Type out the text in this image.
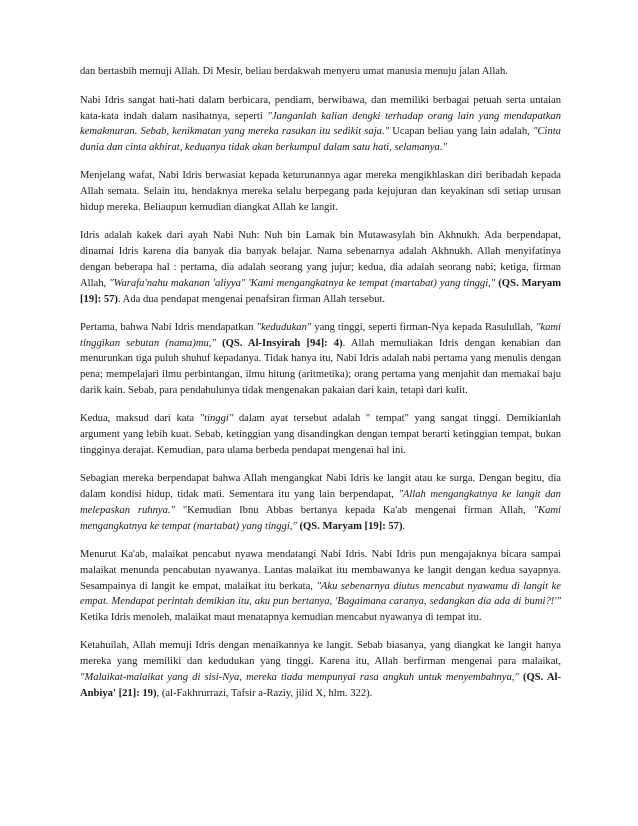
dan bertasbih memuji Allah. Di Mesir, beliau berdakwah menyeru umat manusia menuju jalan Allah.

Nabi Idris sangat hati-hati dalam berbicara, pendiam, berwibawa, dan memiliki berbagai petuah serta untaian kata-kata indah dalam nasihatnya, seperti "Janganlah kalian dengki terhadap orang lain yang mendapatkan kemakmuran. Sebab, kenikmatan yang mereka rasakan itu sedikit saja." Ucapan beliau yang lain adalah, "Cinta dunia dan cinta akhirat, keduanya tidak akan berkumpul dalam satu hati, selamanya."

Menjelang wafat, Nabi Idris berwasiat kepada keturunannya agar mereka mengikhlaskan diri beribadah kepada Allah semata. Selain itu, hendaknya mereka selalu berpegang pada kejujuran dan keyakinan sdi setiap urusan hidup mereka. Beliaupun kemudian diangkat Allah ke langit.

Idris adalah kakek dari ayah Nabi Nuh: Nuh bin Lamak bin Mutawasylah bin Akhnukh. Ada berpendapat, dinamai Idris karena dia banyak dia banyak belajar. Nama sebenarnya adalah Akhnukh. Allah menyifatinya dengan beberapa hal : pertama, dia adalah seorang yang jujur; kedua, dia adalah seorang nabi; ketiga, firman Allah, "Warafa'nahu makanan 'aliyya" 'Kami mengangkatnya ke tempat (martabat) yang tinggi," (QS. Maryam [19]: 57). Ada dua pendapat mengenai penafsiran firman Allah tersebut.

Pertama, bahwa Nabi Idris mendapatkan "kedudukan" yang tinggi, seperti firman-Nya kepada Rasulullah, "kami tinggikan sebutan (nama)mu," (QS. Al-Insyirah [94]: 4). Allah memuliakan Idris dengan kenabian dan menurunkan tiga puluh shuhuf kepadanya. Tidak hanya itu, Nabi Idris adalah nabi pertama yang menulis dengan pena; mempelajari ilmu perbintangan, ilmu hitung (aritmetika); orang pertama yang menjahit dan memakai baju darik kain. Sebab, para pendahulunya tidak mengenakan pakaian dari kain, tetapi dari kulit.

Kedua, maksud dari kata "tinggi" dalam ayat tersebut adalah " tempat" yang sangat tinggi. Demikianlah argument yang lebih kuat. Sebab, ketinggian yang disandingkan dengan tempat berarti ketinggian tempat, bukan tingginya derajat. Kemudian, para ulama berbeda pendapat mengenai hal ini.

Sebagian mereka berpendapat bahwa Allah mengangkat Nabi Idris ke langit atau ke surga. Dengan begitu, dia dalam kondisi hidup, tidak mati. Sementara itu yang lain berpendapat, "Allah mengangkatnya ke langit dan melepaskan ruhnya." "Kemudian Ibnu Abbas bertanya kepada Ka'ab mengenai firman Allah, "Kami mengangkatnya ke tempat (martabat) yang tinggi," (QS. Maryam [19]: 57).

Menurut Ka'ab, malaikat pencabut nyawa mendatangi Nabi Idris. Nabi Idris pun mengajaknya bicara sampai malaikat menunda pencabutan nyawanya. Lantas malaikat itu membawanya ke langit dengan kedua sayapnya. Sesampainya di langit ke empat, malaikat itu berkata, "Aku sebenarnya diutus mencabut nyawamu di langit ke empat. Mendapat perintah demikian itu, aku pun bertanya, 'Bagaimana caranya, sedangkan dia ada di bumi?!'" Ketika Idris menoleh, malaikat maut menatapnya kemudian mencabut nyawanya di tempat itu.

Ketahuilah, Allah memuji Idris dengan menaikannya ke langit. Sebab biasanya, yang diangkat ke langit hanya mereka yang memiliki dan kedudukan yang tinggi. Karena itu, Allah berfirman mengenai para malaikat, "Malaikat-malaikat yang di sisi-Nya, mereka tiada mempunyai rasa angkuh untuk menyembahnya," (QS. Al-Anbiya' [21]: 19), (al-Fakhrurrazi, Tafsir a-Raziy, jilid X, hlm. 322).
